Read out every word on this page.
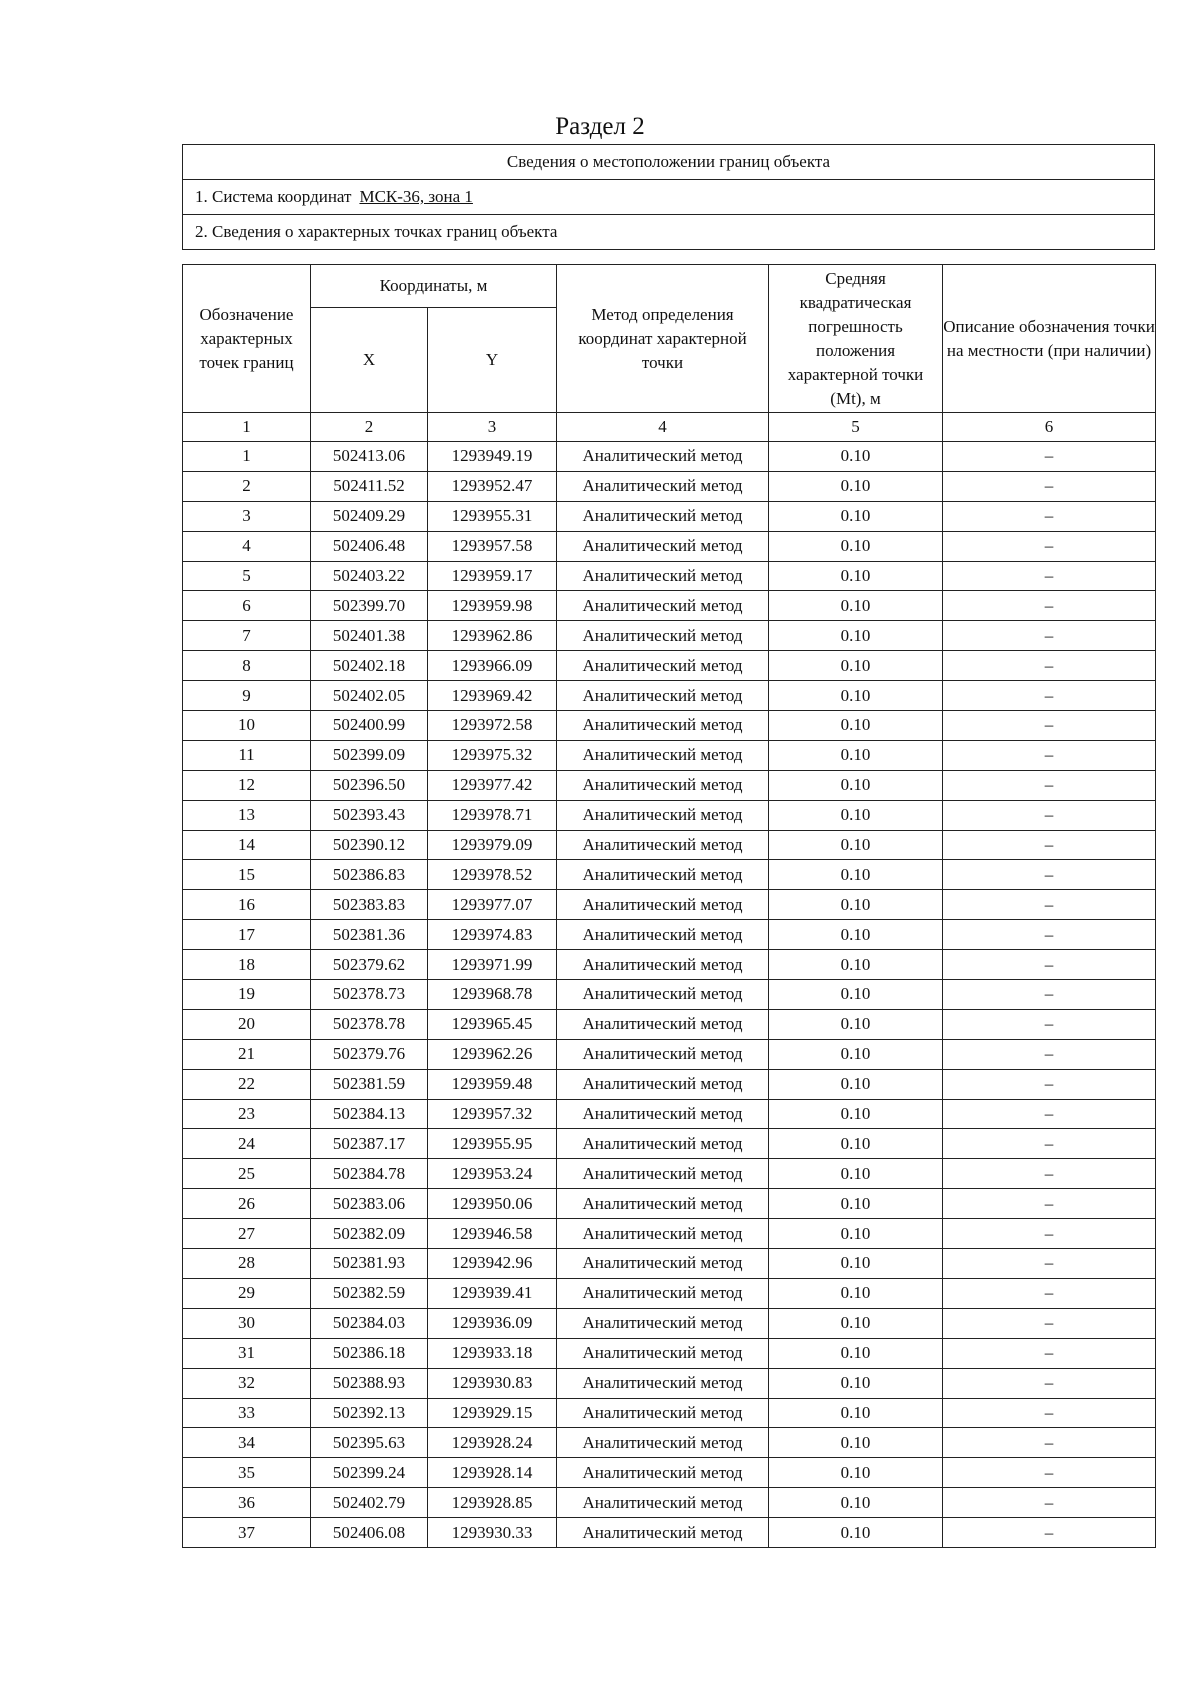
Раздел 2
Сведения о местоположении границ объекта
1. Система координат МСК-36, зона 1
2. Сведения о характерных точках границ объекта
Обозначение характерных точек границ	Координаты, м		Метод определения координат характерной точки	Средняя квадратическая погрешность положения характерной точки (Mt), м	Описание обозначения точки на местности (при наличии)
	X	Y			
1	2	3	4	5	6
1	502413.06	1293949.19	Аналитический метод	0.10	–
2	502411.52	1293952.47	Аналитический метод	0.10	–
3	502409.29	1293955.31	Аналитический метод	0.10	–
4	502406.48	1293957.58	Аналитический метод	0.10	–
5	502403.22	1293959.17	Аналитический метод	0.10	–
6	502399.70	1293959.98	Аналитический метод	0.10	–
7	502401.38	1293962.86	Аналитический метод	0.10	–
8	502402.18	1293966.09	Аналитический метод	0.10	–
9	502402.05	1293969.42	Аналитический метод	0.10	–
10	502400.99	1293972.58	Аналитический метод	0.10	–
11	502399.09	1293975.32	Аналитический метод	0.10	–
12	502396.50	1293977.42	Аналитический метод	0.10	–
13	502393.43	1293978.71	Аналитический метод	0.10	–
14	502390.12	1293979.09	Аналитический метод	0.10	–
15	502386.83	1293978.52	Аналитический метод	0.10	–
16	502383.83	1293977.07	Аналитический метод	0.10	–
17	502381.36	1293974.83	Аналитический метод	0.10	–
18	502379.62	1293971.99	Аналитический метод	0.10	–
19	502378.73	1293968.78	Аналитический метод	0.10	–
20	502378.78	1293965.45	Аналитический метод	0.10	–
21	502379.76	1293962.26	Аналитический метод	0.10	–
22	502381.59	1293959.48	Аналитический метод	0.10	–
23	502384.13	1293957.32	Аналитический метод	0.10	–
24	502387.17	1293955.95	Аналитический метод	0.10	–
25	502384.78	1293953.24	Аналитический метод	0.10	–
26	502383.06	1293950.06	Аналитический метод	0.10	–
27	502382.09	1293946.58	Аналитический метод	0.10	–
28	502381.93	1293942.96	Аналитический метод	0.10	–
29	502382.59	1293939.41	Аналитический метод	0.10	–
30	502384.03	1293936.09	Аналитический метод	0.10	–
31	502386.18	1293933.18	Аналитический метод	0.10	–
32	502388.93	1293930.83	Аналитический метод	0.10	–
33	502392.13	1293929.15	Аналитический метод	0.10	–
34	502395.63	1293928.24	Аналитический метод	0.10	–
35	502399.24	1293928.14	Аналитический метод	0.10	–
36	502402.79	1293928.85	Аналитический метод	0.10	–
37	502406.08	1293930.33	Аналитический метод	0.10	–
